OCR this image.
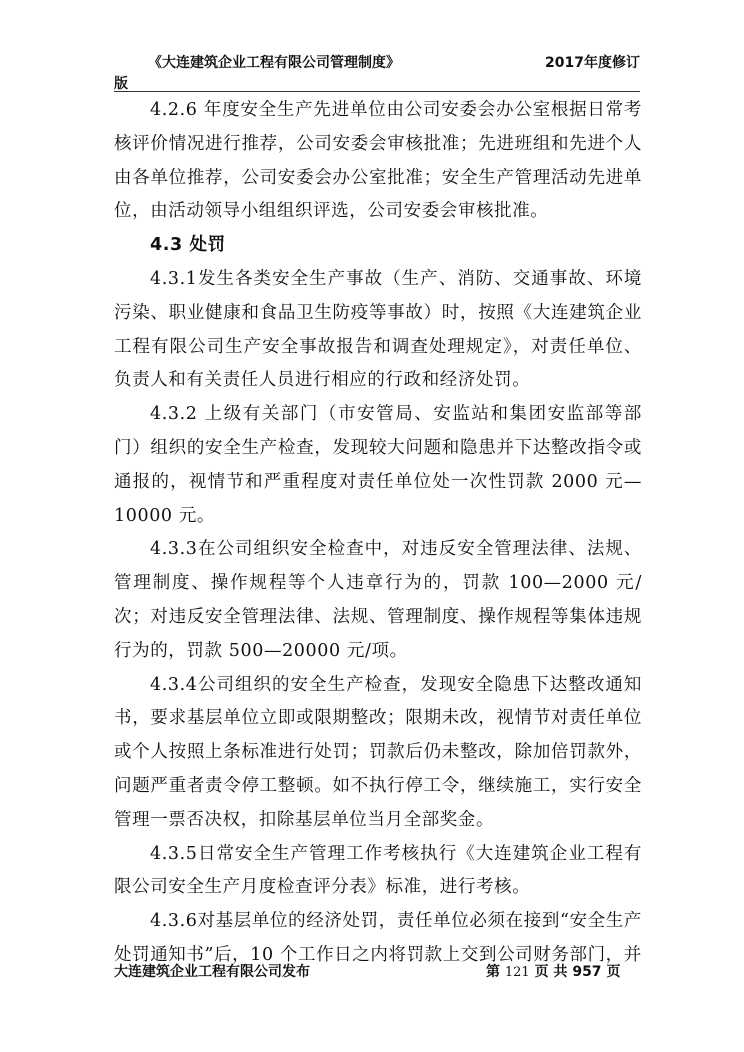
《大连建筑企业工程有限公司管理制度》	2017年度修订
版

4.2.6 年度安全生产先进单位由公司安委会办公室根据日常考核评价情况进行推荐，公司安委会审核批准；先进班组和先进个人由各单位推荐，公司安委会办公室批准；安全生产管理活动先进单位，由活动领导小组组织评选，公司安委会审核批准。

4.3 处罚

4.3.1发生各类安全生产事故（生产、消防、交通事故、环境污染、职业健康和食品卫生防疫等事故）时，按照《大连建筑企业工程有限公司生产安全事故报告和调查处理规定》，对责任单位、负责人和有关责任人员进行相应的行政和经济处罚。

4.3.2 上级有关部门（市安管局、安监站和集团安监部等部门）组织的安全生产检查，发现较大问题和隐患并下达整改指令或通报的，视情节和严重程度对责任单位处一次性罚款 2000 元—10000 元。

4.3.3在公司组织安全检查中，对违反安全管理法律、法规、管理制度、操作规程等个人违章行为的，罚款 100—2000 元/次；对违反安全管理法律、法规、管理制度、操作规程等集体违规行为的，罚款 500—20000 元/项。

4.3.4公司组织的安全生产检查，发现安全隐患下达整改通知书，要求基层单位立即或限期整改；限期未改，视情节对责任单位或个人按照上条标准进行处罚；罚款后仍未整改，除加倍罚款外，问题严重者责令停工整顿。如不执行停工令，继续施工，实行安全管理一票否决权，扣除基层单位当月全部奖金。

4.3.5日常安全生产管理工作考核执行《大连建筑企业工程有限公司安全生产月度检查评分表》标准，进行考核。

4.3.6对基层单位的经济处罚，责任单位必须在接到“安全生产处罚通知书”后，10 个工作日之内将罚款上交到公司财务部门，并

大连建筑企业工程有限公司发布	第 121 页 共 957 页
